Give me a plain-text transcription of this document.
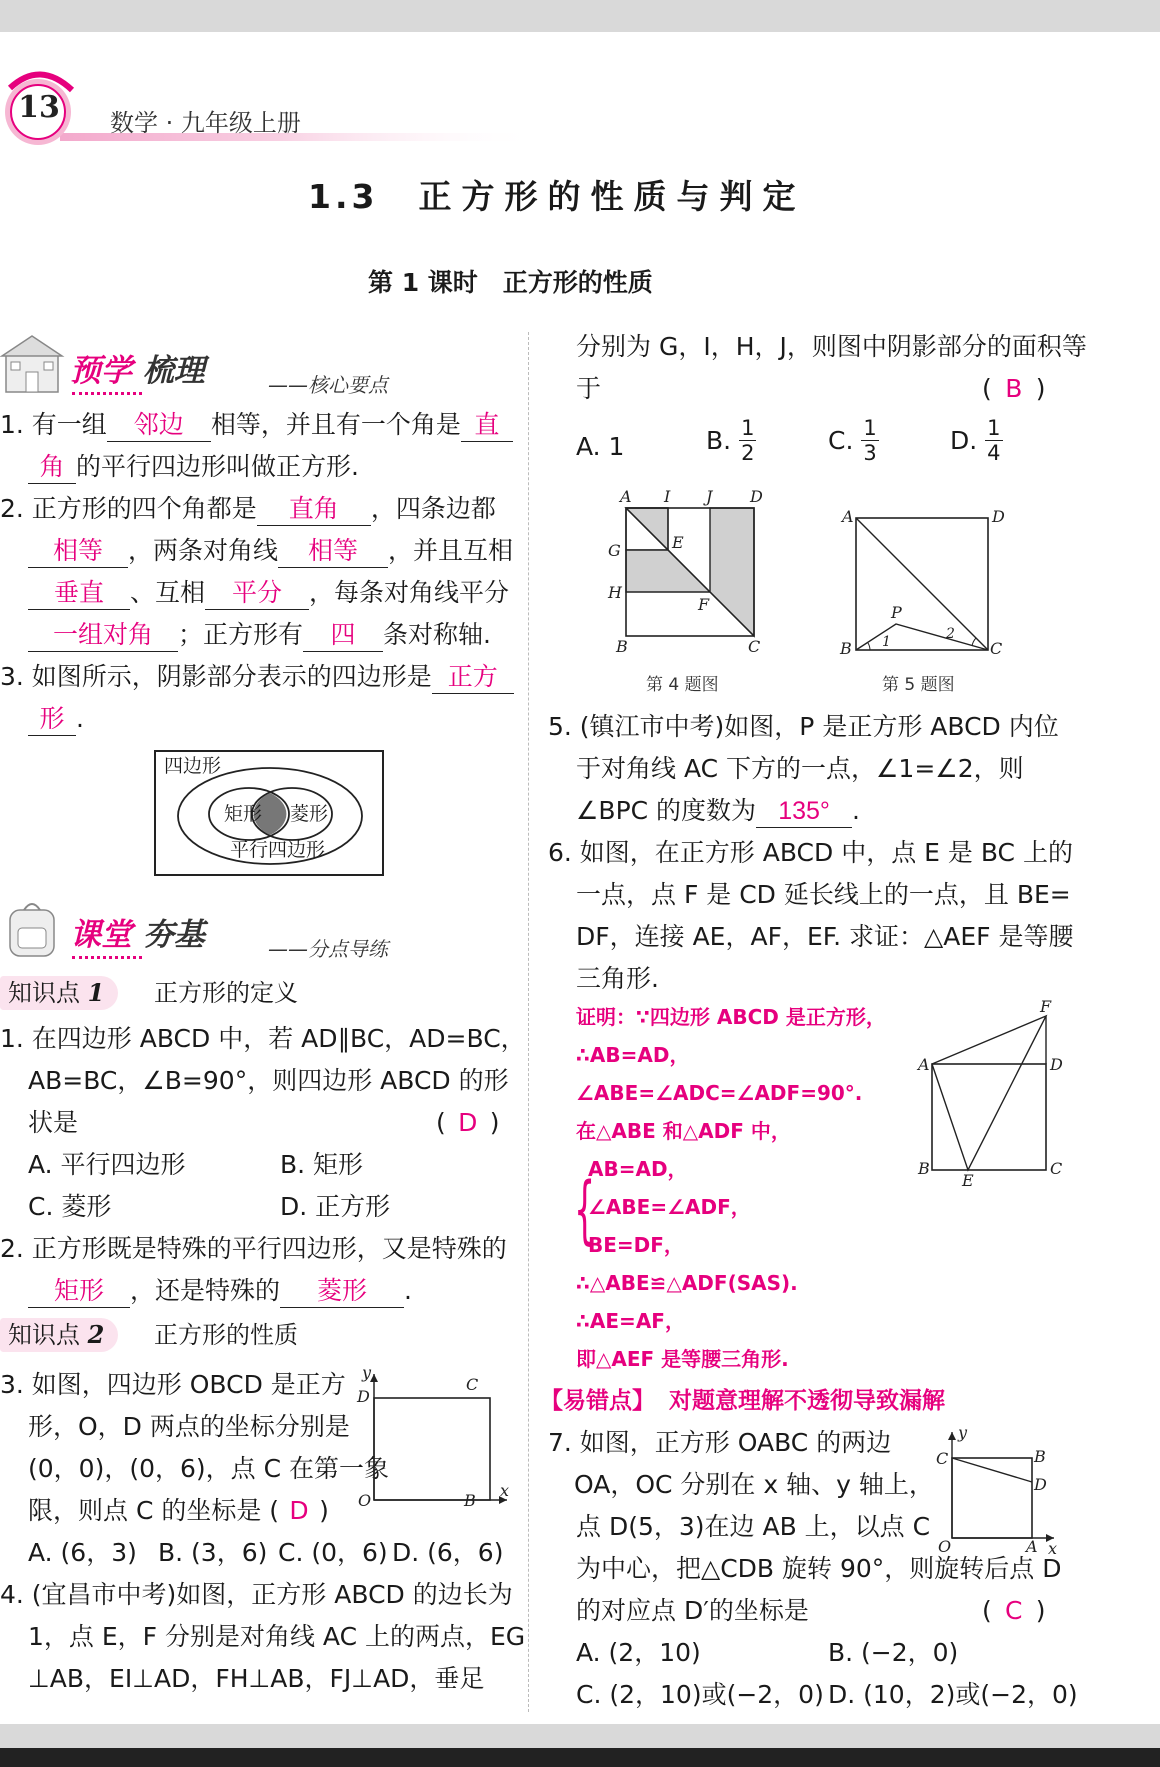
13 数学 · 九年级上册
1.3 正方形的性质与判定
第 1 课时　正方形的性质
预学 梳理	——核心要点
1. 有一组 邻边 相等，并且有一个角是 直
角 的平行四边形叫做正方形.
2. 正方形的四个角都是 直角 ，四条边都
相等 ，两条对角线 相等 ，并且互相
垂直 、互相 平分 ，每条对角线平分
一组对角 ；正方形有 四 条对称轴.
3. 如图所示，阴影部分表示的四边形是 正方
形 .
四边形
矩形 菱形
平行四边形
课堂 夯基	——分点导练
知识点 1	正方形的定义
1. 在四边形 ABCD 中，若 AD∥BC，AD=BC，
AB=BC，∠B=90°，则四边形 ABCD 的形
状是	( D )
A. 平行四边形	B. 矩形
C. 菱形	D. 正方形
2. 正方形既是特殊的平行四边形，又是特殊的
矩形 ，还是特殊的 菱形 .
知识点 2	正方形的性质
3. 如图，四边形 OBCD 是正方
形，O，D 两点的坐标分别是
(0，0)，(0，6)，点 C 在第一象
限，则点 C 的坐标是 ( D )
A. (6，3) B. (3，6) C. (0，6) D. (6，6)
y
D
C
O	B
x
4. (宜昌市中考)如图，正方形 ABCD 的边长为
1，点 E，F 分别是对角线 AC 上的两点，EG
⊥AB，EI⊥AD，FH⊥AB，FJ⊥AD，垂足
分别为 G，I，H，J，则图中阴影部分的面积等
于	( B )
A. 1	B. $\frac{1}{2}$	C. $\frac{1}{3}$	D. $\frac{1}{4}$
A I J D
G	E
H
F
B	C
第 4 题图
A	D
P
1	2
B	C
第 5 题图
5. (镇江市中考)如图，P 是正方形 ABCD 内位
于对角线 AC 下方的一点，∠1=∠2，则
∠BPC 的度数为 135° .
6. 如图，在正方形 ABCD 中，点 E 是 BC 上的
一点，点 F 是 CD 延长线上的一点，且 BE=
DF，连接 AE，AF，EF. 求证：△AEF 是等腰
三角形.
证明：∵四边形 ABCD 是正方形，
∴AB=AD，
∠ABE=∠ADC=∠ADF=90°.
在△ABE 和△ADF 中，
{
AB=AD，
∠ABE=∠ADF，
BE=DF，
∴△ABE≌△ADF(SAS).
∴AE=AF，
即△AEF 是等腰三角形.
F
A	D
B
E
C
【易错点】 对题意理解不透彻导致漏解
7. 如图，正方形 OABC 的两边
OA，OC 分别在 x 轴、y 轴上，
点 D(5，3)在边 AB 上，以点 C
为中心，把△CDB 旋转 90°，则旋转后点 D
的对应点 D′的坐标是	( C )
A. (2，10)	B. (−2，0)
C. (2，10)或(−2，0) D. (10，2)或(−2，0)
y
C	B
D
O	A x
